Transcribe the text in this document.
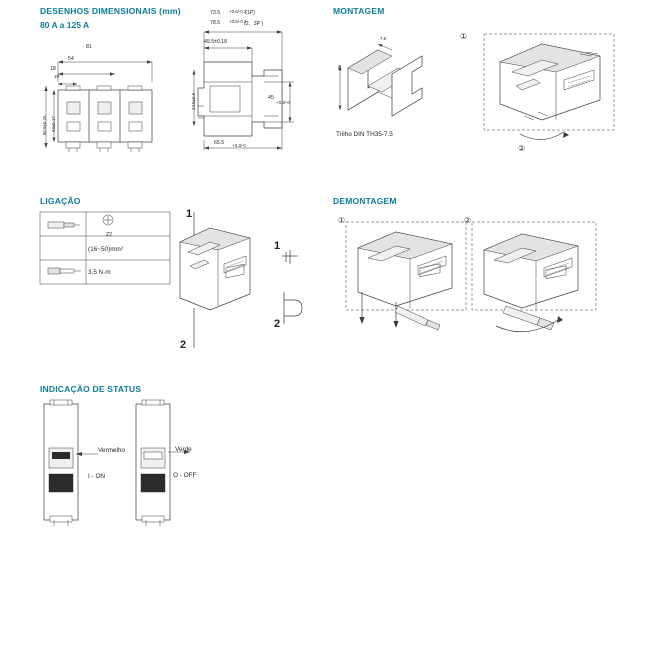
DESENHOS DIMENSIONAIS (mm)
80 A a 125 A
81
54
18
1P
80.5±0.26 63±0.17
73.5 +0.6/-0.3
(1P)
78.5 +0.6/-0.3
(2、3P )
49.5±0.18
34.5±0.5	45
+0.3/-0
65.5 +0.3/-0
MONTAGEM
35
7.5
Trilho DIN TH35-7.5
①
②
LIGAÇÃO
Z2
(16~50)mm²
3.5 N·m
1
2
1
2
DEMONTAGEM
①	②
INDICAÇÃO DE STATUS
Vermelho	Verde
I - ON	O - OFF
